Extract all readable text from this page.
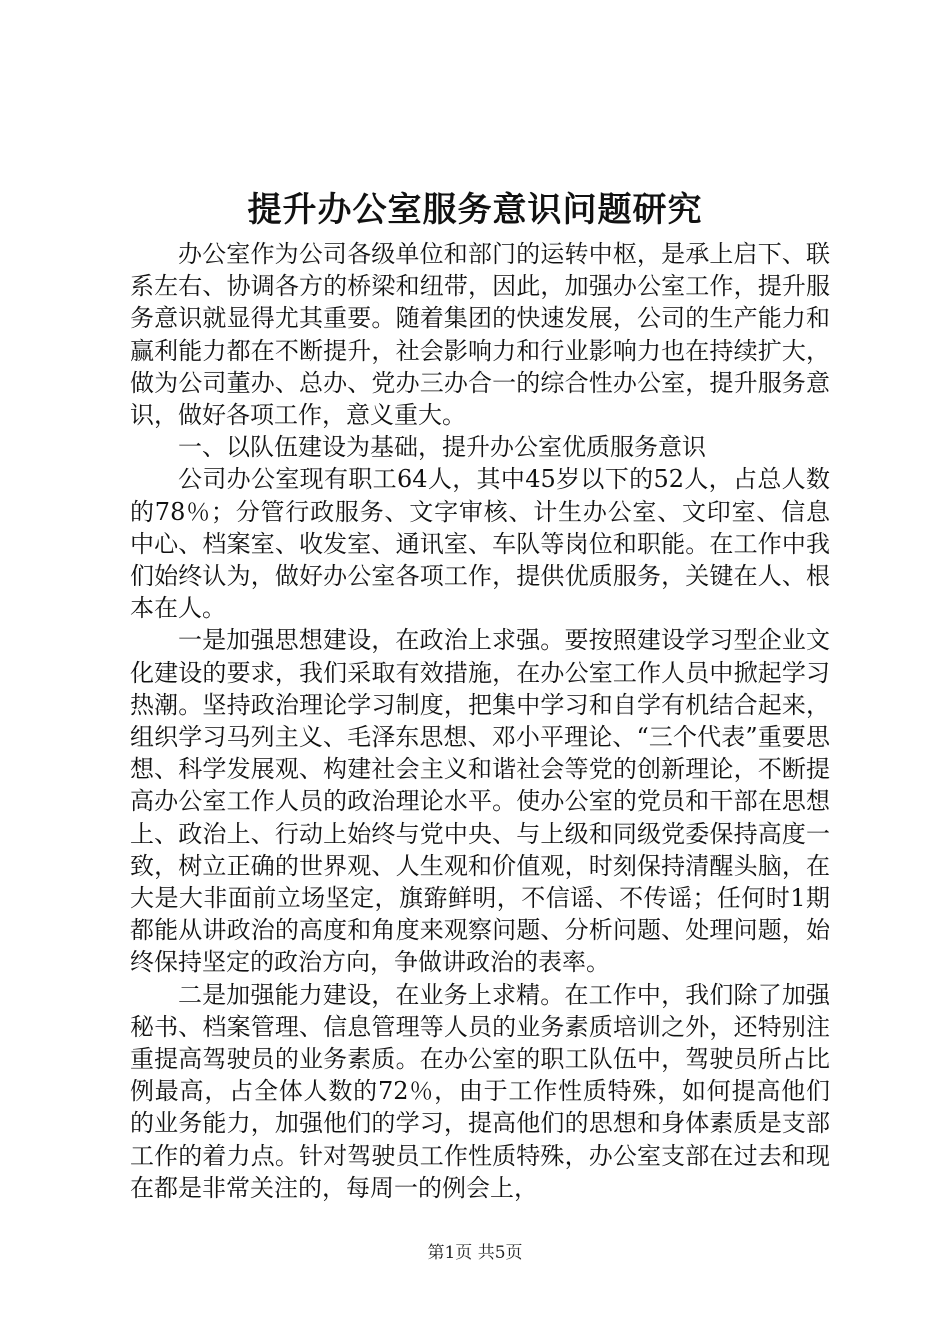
提升办公室服务意识问题研究

办公室作为公司各级单位和部门的运转中枢，是承上启下、联系左右、协调各方的桥梁和纽带，因此，加强办公室工作，提升服务意识就显得尤其重要。随着集团的快速发展，公司的生产能力和赢利能力都在不断提升，社会影响力和行业影响力也在持续扩大，做为公司董办、总办、党办三办合一的综合性办公室，提升服务意识，做好各项工作，意义重大。

一、以队伍建设为基础，提升办公室优质服务意识

公司办公室现有职工64人，其中45岁以下的52人，占总人数的78％；分管行政服务、文字审核、计生办公室、文印室、信息中心、档案室、收发室、通讯室、车队等岗位和职能。在工作中我们始终认为，做好办公室各项工作，提供优质服务，关键在人、根本在人。

一是加强思想建设，在政治上求强。要按照建设学习型企业文化建设的要求，我们采取有效措施，在办公室工作人员中掀起学习热潮。坚持政治理论学习制度，把集中学习和自学有机结合起来，组织学习马列主义、毛泽东思想、邓小平理论、“三个代表”重要思想、科学发展观、构建社会主义和谐社会等党的创新理论，不断提高办公室工作人员的政治理论水平。使办公室的党员和干部在思想上、政治上、行动上始终与党中央、与上级和同级党委保持高度一致，树立正确的世界观、人生观和价值观，时刻保持清醒头脑，在大是大非面前立场坚定，旗臶鲜明，不信谣、不传谣；任何时1期都能从讲政治的高度和角度来观察问题、分析问题、处理问题，始终保持坚定的政治方向，争做讲政治的表率。

二是加强能力建设，在业务上求精。在工作中，我们除了加强秘书、档案管理、信息管理等人员的业务素质培训之外，还特别注重提高驾驶员的业务素质。在办公室的职工队伍中，驾驶员所占比例最高，占全体人数的72％，由于工作性质特殊，如何提高他们的业务能力，加强他们的学习，提高他们的思想和身体素质是支部工作的着力点。针对驾驶员工作性质特殊，办公室支部在过去和现在都是非常关注的，每周一的例会上，

第1页 共5页
